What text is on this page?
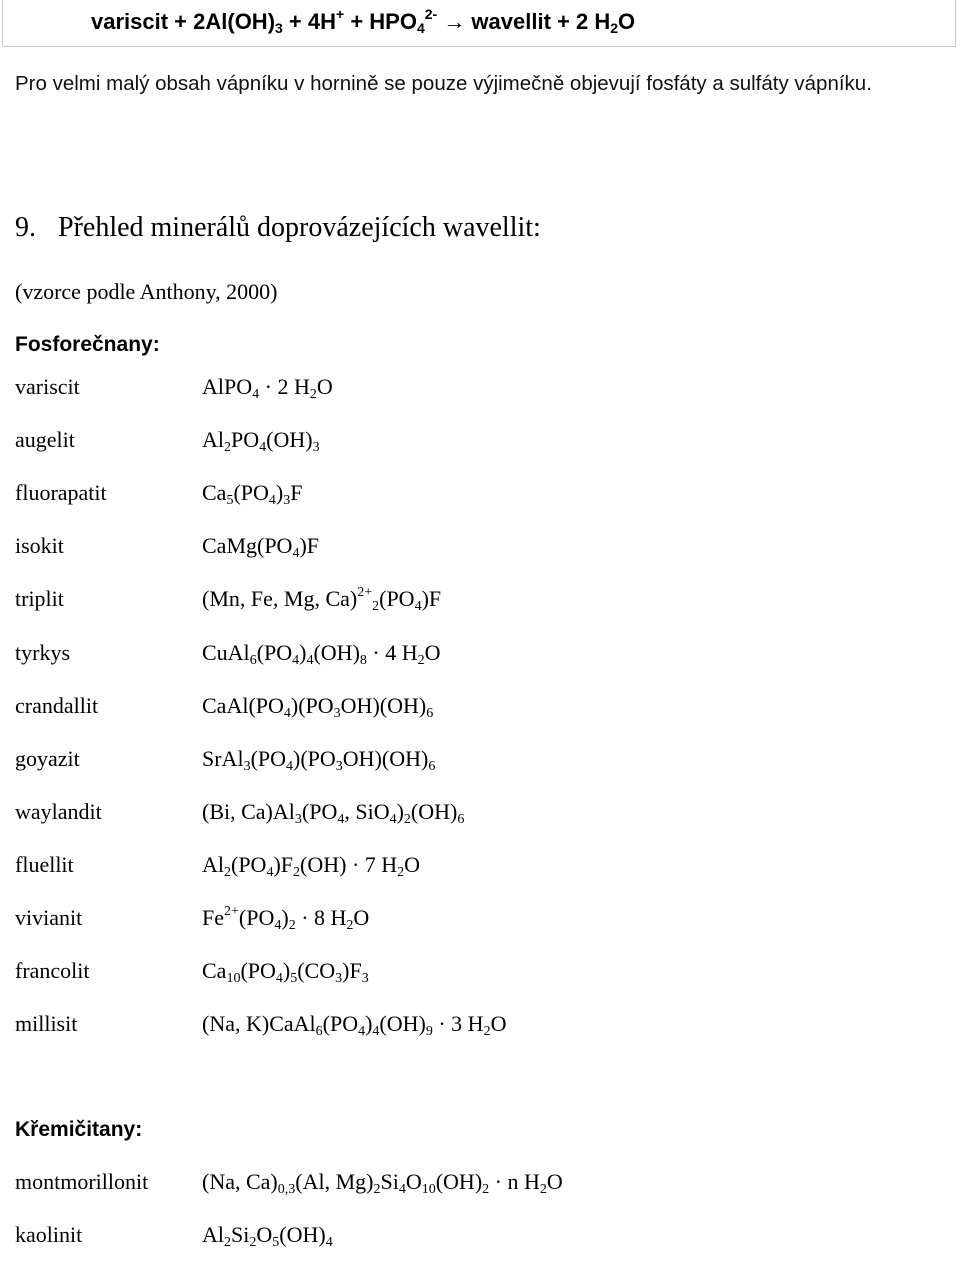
variscit + $2Al(OH)_3 + 4H^+ + HPO_4^{2-}$ → wavellit + 2 $H_2O$
Pro velmi malý obsah vápníku v hornině se pouze výjimečně objevují fosfáty a sulfáty vápníku.
9. Přehled minerálů doprovázejících wavellit:
(vzorce podle Anthony, 2000)
Fosforečnany:
variscit	AlPO$_4$ · 2 $H_2O$
augelit	$Al_2PO_4(OH)_3$
fluorapatit	$Ca_5(PO_4)_3F$
isokit	$CaMg(PO_4)F$
triplit	(Mn, Fe, Mg, $Ca)^{2+}_2(PO_4)F$
tyrkys	$CuAl_6(PO_4)_4(OH)_8 \cdot 4$ $H_2O$
crandallit	$CaAl(PO_4)(PO_3OH)(OH)_6$
goyazit	$SrAl_3(PO_4)(PO_3OH)(OH)_6$
waylandit	(Bi, $Ca)Al_3(PO_4$, $SiO_4)_2(OH)_6$
fluellit	$Al_2(PO_4)F_2(OH) \cdot 7$ $H_2O$
vivianit	$Fe^{2+}(PO_4)_2 \cdot 8$ $H_2O$
francolit	$Ca_{10}(PO_4)_5(CO_3)F_3$
millisit	(Na, $K)CaAl_6(PO_4)_4(OH)_9 \cdot 3$ $H_2O$
Křemičitany:
montmorillonit (Na, $Ca)_{0,3}(Al$, $Mg)_2Si_4O_{10}(OH)_2 \cdot n$ $H_2O$
kaolinit	$Al_2Si_2O_5(OH)_4$
